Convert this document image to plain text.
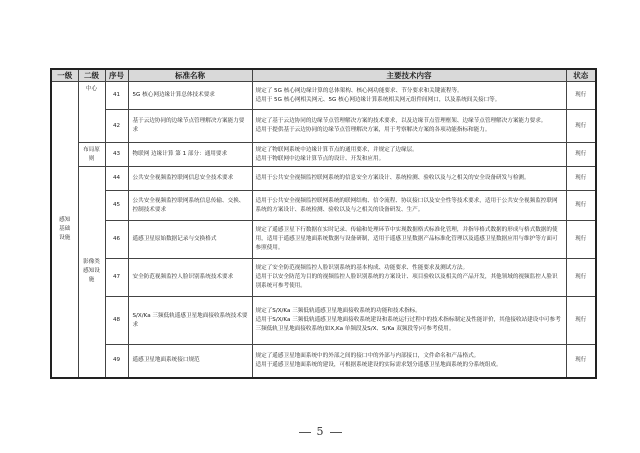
一级	二级	序号	标准名称	主要技术内容	状态
感知基础设施	中心	41	5G 核心网边缘计算总体技术要求	规定了 5G 核心网边缘计算的总体架构、核心网功能要求、节分要求和关键流程等。

适用于 5G 核心网相关网元、5G 核心网边缘计算系统相关网元组件间网口，以及系统间关接口等。	现行
		42	基于云边协同的边缘节点管理解决方案能力要求	规定了基于云边协同的边缘节点管理解决方案的技术要求，以及边缘节点管理框架、边缘节点管理解决方案能力要求。

适用于提供基于云边协同的边缘节点管理解决方案，用于考察解决方案的各项功能指标和能力。	现行
	布局原则	43	物联网 边缘计算 第 1 部分：通用要求	规定了物联网系统中边缘计算节点的通用要求，并规定了边缘层。

适用于物联网中边缘计算节点的设计、开发和应用。	现行
	影像类感知设施	44	公共安全视频监控联网信息安全技术要求	适用于公共安全视频监控联网系统的信息安全方案设计、系统检测、验收以及与之相关的安全设备研发与检测。	现行
		45	公共安全视频监控联网系统信息传输、交换、控制技术要求	适用于公共安全视频监控联网系统的联网结构、信令流程、协议接口以及安全性等技术要求，适用于公共安全视频监控联网系统的方案设计、系统检测、验收以及与之相关的设备研发、生产。	现行
		46	遥感卫星原始数据记录与交换格式	规定了遥感卫星下行数据在实时记录、传输和处理环节中实现数据格式标准化管理，并指导格式数据的形成与格式数据的使用，适用于遥感卫星地面系统数据与设备研制，适用于遥感卫星数据产品标准化管理以及遥感卫星数据应用与维护等方面可参照使用。	现行
		47	安全防范视频监控人脸识别系统技术要求	规定了安全防范视频监控人脸识别系统的基本构成、功能要求、性能要求及测试方法。

适用于以安全防范为目的的视频监控人脸识别系统的方案设计、项目验收以及相关的产品开发，其他领域的视频监控人脸识别系统可参考使用。	现行
		48	S/X/Ka 三频低轨遥感卫星地面接收系统技术要求	规定了S/X/Ka 三频低轨遥感卫星地面接收系统的功能和技术指标。

适用于S/X/Ka 三频低轨遥感卫星地面接收系统建设和系统运行过程中的技术指标制定及性能评价，其他接收站建设中可参考三频低轨卫星地面接收系统(如X,Ka 单频段及S/X、S/Ka 双频段等)可参考使用。	现行
		49	遥感卫星地面系统接口规范	规定了遥感卫星地面系统中的外部之间的接口中的外部与内部接口，文件命名和产品格式。

适用于遥感卫星地面系统的建设，可根据系统建设的实际需求划分遥感卫星地面系统的分系统组成。	现行
5
